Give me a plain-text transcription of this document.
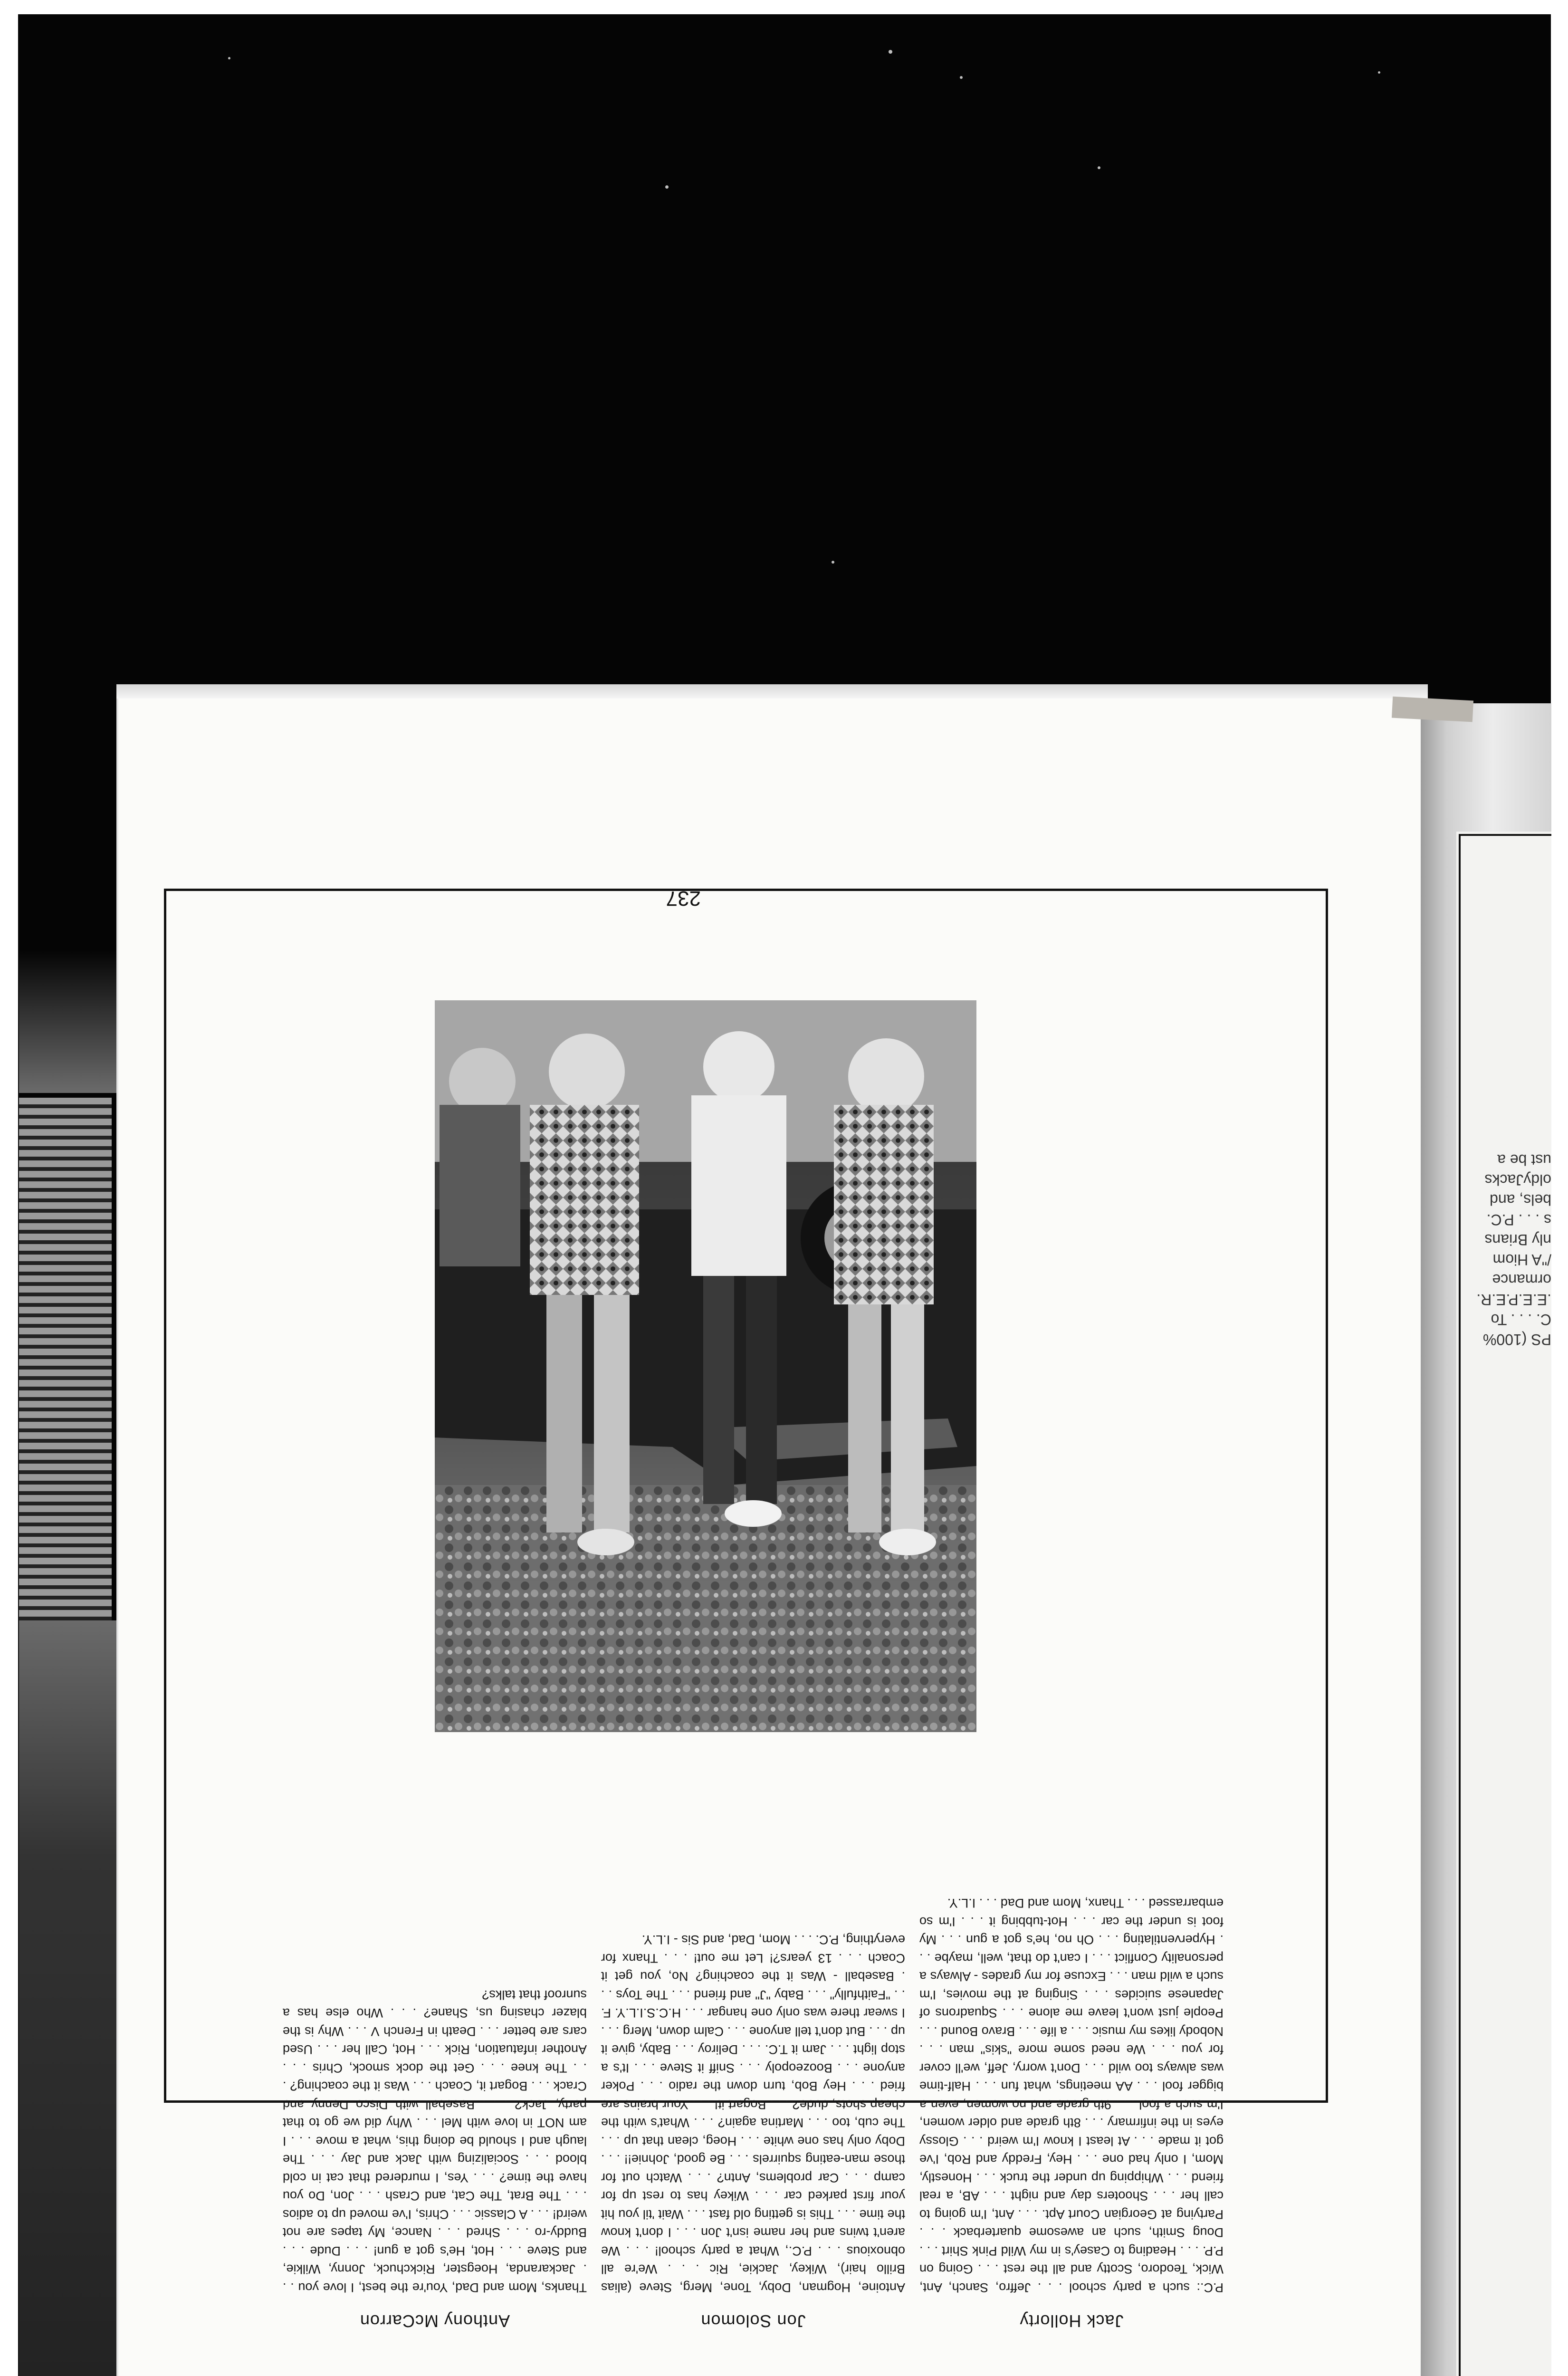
PS (100%
C. . . . To
.E.E.P.E.R.
ormance
/"A Hiom
nly Brians
s . . . P.C.
bels, and
oldyJacks
ust be a
Jack Hollorty

P.C.: such a party school . . . Jeffro, Sanch, Ant, Wick, Teodoro, Scotty and all the rest . . . Going on P.P. . . . Heading to Casey's in my Wild Pink Shirt . . . Doug Smith, such an awesome quarterback . . . Partying at Georgian Court Apt. . . . Ant, I'm going to call her . . . Shooters day and night . . . AB, a real friend . . . Whipping up under the truck . . . Honestly, Mom, I only had one . . . Hey, Freddy and Rob, I've got it made . . . At least I know I'm weird . . . Glossy eyes in the infirmary . . . 8th grade and older women, I'm such a fool . . . 9th grade and no women, even a bigger fool . . . AA meetings, what fun . . . Half-time was always too wild . . . Don't worry, Jeff, we'll cover for you . . . We need some more "skis" man . . . Nobody likes my music . . . a life . . . Bravo Bound . . . People just won't leave me alone . . . Squadrons of Japanese suicides . . . Singing at the movies, I'm such a wild man . . . Excuse for my grades - Always a personality Conflict . . . I can't do that, well, maybe . . . Hyperventilating . . . Oh no, he's got a gun . . . My foot is under the car . . . Hot-tubbing it . . . I'm so embarrassed . . . Thanx, Mom and Dad . . . I.L.Y.

Jon Solomon

Antoine, Hogman, Doby, Tone, Merg, Steve (alias Brillo hair), Wikey, Jackie, Ric . . . We're all obnoxious . . . P.C., What a party school! . . . We aren't twins and her name isn't Jon . . . I don't know the time . . . This is getting old fast . . . Wait 'til you hit your first parked car . . . Wikey has to rest up for camp . . . Car problems, Antn? . . . Watch out for those man-eating squirrels . . . Be good, Johnie!! . . . Doby only has one white . . . Hoeg, clean that up . . . The cub, too . . . Martina again? . . . What's with the cheap shots, dude? . . . Bogart it! . . . Your brains are fried . . . Hey Bob, turn down the radio . . . Poker anyone . . . Boozeopoly . . . Sniff it Steve . . . It's a stop light . . . Jam it T.C. . . . Deliroy . . . Baby, give it up . . . But don't tell anyone . . . Calm down, Merg . . . I swear there was only one hangar . . . H.C.S.I.L.Y. F. . . "Faithfully" . . . Baby "J" and friend . . . The Toys . . . Baseball - Was it the coaching? No, you get it Coach . . . 13 years?! Let me out! . . . Thanx for everything, P.C. . . . Mom, Dad, and Sis - I.L.Y.

Anthony McCarron

Thanks, Mom and Dad, You're the best, I love you . . . Jackaranda, Hoegster, Rickchuck, Jonny, Wilkie, and Steve . . . Hot, He's got a gun! . . . Dude . . . Buddy-ro . . . Shred . . . Nance, My tapes are not weird! . . . A Classic . . . Chris, I've moved up to adios . . . The Brat, The Cat, and Crash . . . Jon, Do you have the time? . . . Yes, I murdered that cat in cold blood . . . Socializing with Jack and Jay . . . The laugh and I should be doing this, what a move . . . I am NOT in love with Mel . . . Why did we go to that party, Jack? . . . Baseball with Disco Denny and Crack . . . Bogart it, Coach . . . Was it the coaching? . . . The knee . . . Get the dock smock, Chris . . . Another infatuation, Rick . . . Hot, Call her . . . Used cars are better . . . Death in French V . . . Why is the blazer chasing us, Shane? . . . Who else has a sunroof that talks?

237
